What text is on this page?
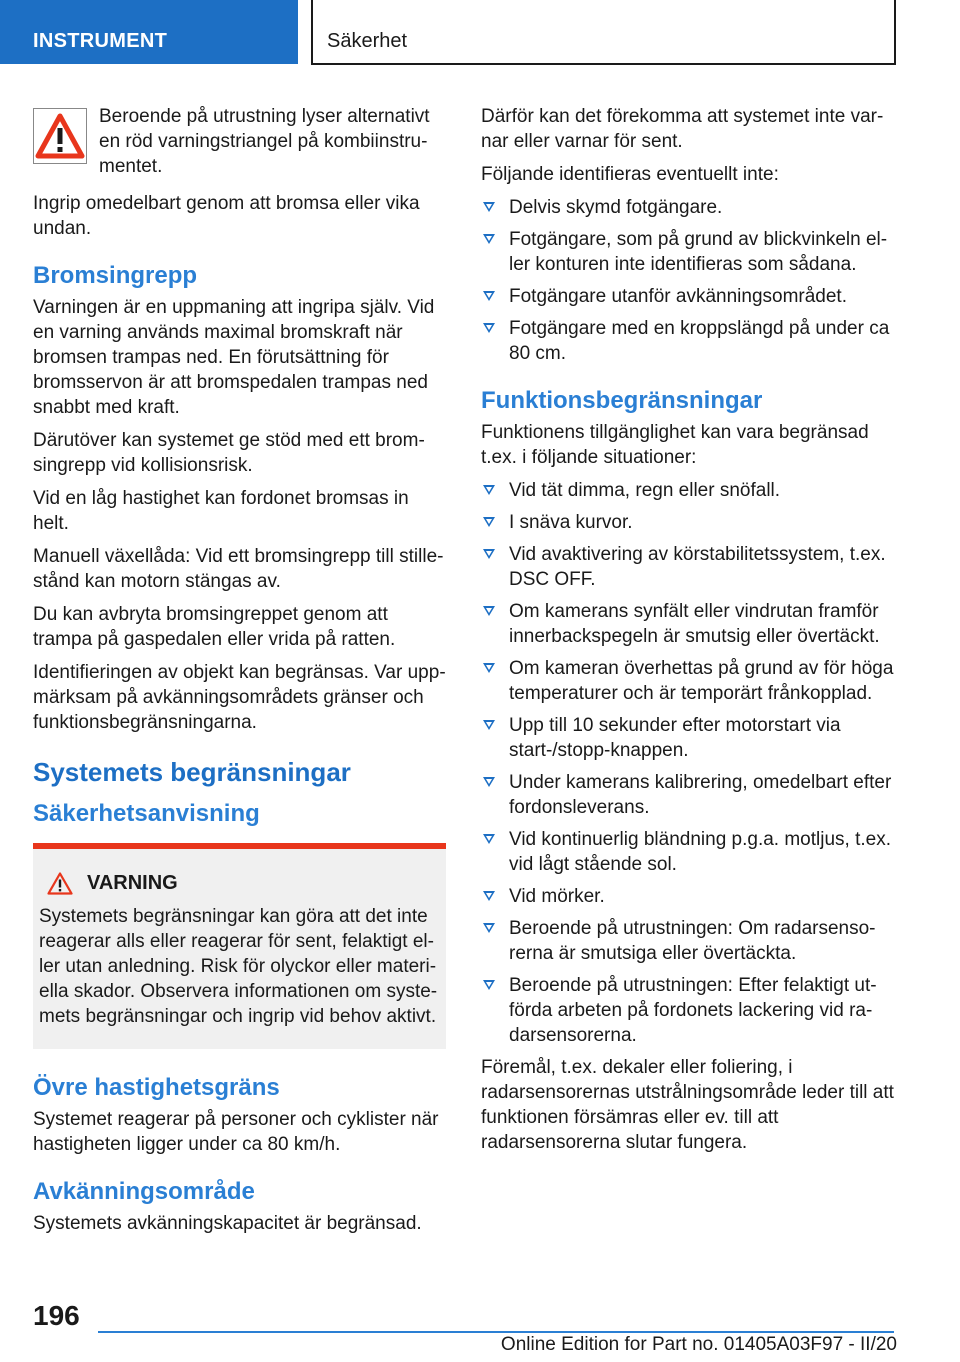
INSTRUMENT	Säkerhet
Beroende på utrustning lyser alternativt en röd varningstriangel på kombiinstrumentet.

Ingrip omedelbart genom att bromsa eller vika undan.

Bromsingrepp

Varningen är en uppmaning att ingripa själv. Vid en varning används maximal bromskraft när bromsen trampas ned. En förutsättning för bromsservon är att bromspedalen trampas ned snabbt med kraft.

Därutöver kan systemet ge stöd med ett bromsingrepp vid kollisionsrisk.

Vid en låg hastighet kan fordonet bromsas in helt.

Manuell växellåda: Vid ett bromsingrepp till stillestånd kan motorn stängas av.

Du kan avbryta bromsingreppet genom att trampa på gaspedalen eller vrida på ratten.

Identifieringen av objekt kan begränsas. Var uppmärksam på avkänningsområdets gränser och funktionsbegränsningarna.

Systemets begränsningar
Säkerhetsanvisning
VARNING
Systemets begränsningar kan göra att det inte reagerar alls eller reagerar för sent, felaktigt eller utan anledning. Risk för olyckor eller materiella skador. Observera informationen om systemets begränsningar och ingrip vid behov aktivt.
Övre hastighetsgräns

Systemet reagerar på personer och cyklister när hastigheten ligger under ca 80 km/h.

Avkänningsområde

Systemets avkänningskapacitet är begränsad.

Därför kan det förekomma att systemet inte varnar eller varnar för sent.

Följande identifieras eventuellt inte:

Delvis skymd fotgängare.
Fotgängare, som på grund av blickvinkeln eller konturen inte identifieras som sådana.
Fotgängare utanför avkänningsområdet.
Fotgängare med en kroppslängd på under ca 80 cm.
Funktionsbegränsningar

Funktionens tillgänglighet kan vara begränsad t.ex. i följande situationer:

Vid tät dimma, regn eller snöfall.
I snäva kurvor.
Vid avaktivering av körstabilitetssystem, t.ex. DSC OFF.
Om kamerans synfält eller vindrutan framför innerbackspegeln är smutsig eller övertäckt.
Om kameran överhettas på grund av för höga temperaturer och är temporärt frånkopplad.
Upp till 10 sekunder efter motorstart via start-/stopp-knappen.
Under kamerans kalibrering, omedelbart efter fordonsleverans.
Vid kontinuerlig bländning p.g.a. motljus, t.ex. vid lågt stående sol.
Vid mörker.
Beroende på utrustningen: Om radarsensorerna är smutsiga eller övertäckta.
Beroende på utrustningen: Efter felaktigt utförda arbeten på fordonets lackering vid radarsensorerna.

Föremål, t.ex. dekaler eller foliering, i radarsensorernas utstrålningsområde leder till att funktionen försämras eller ev. till att radarsensorerna slutar fungera.

196
Online Edition for Part no. 01405A03F97 - II/20
